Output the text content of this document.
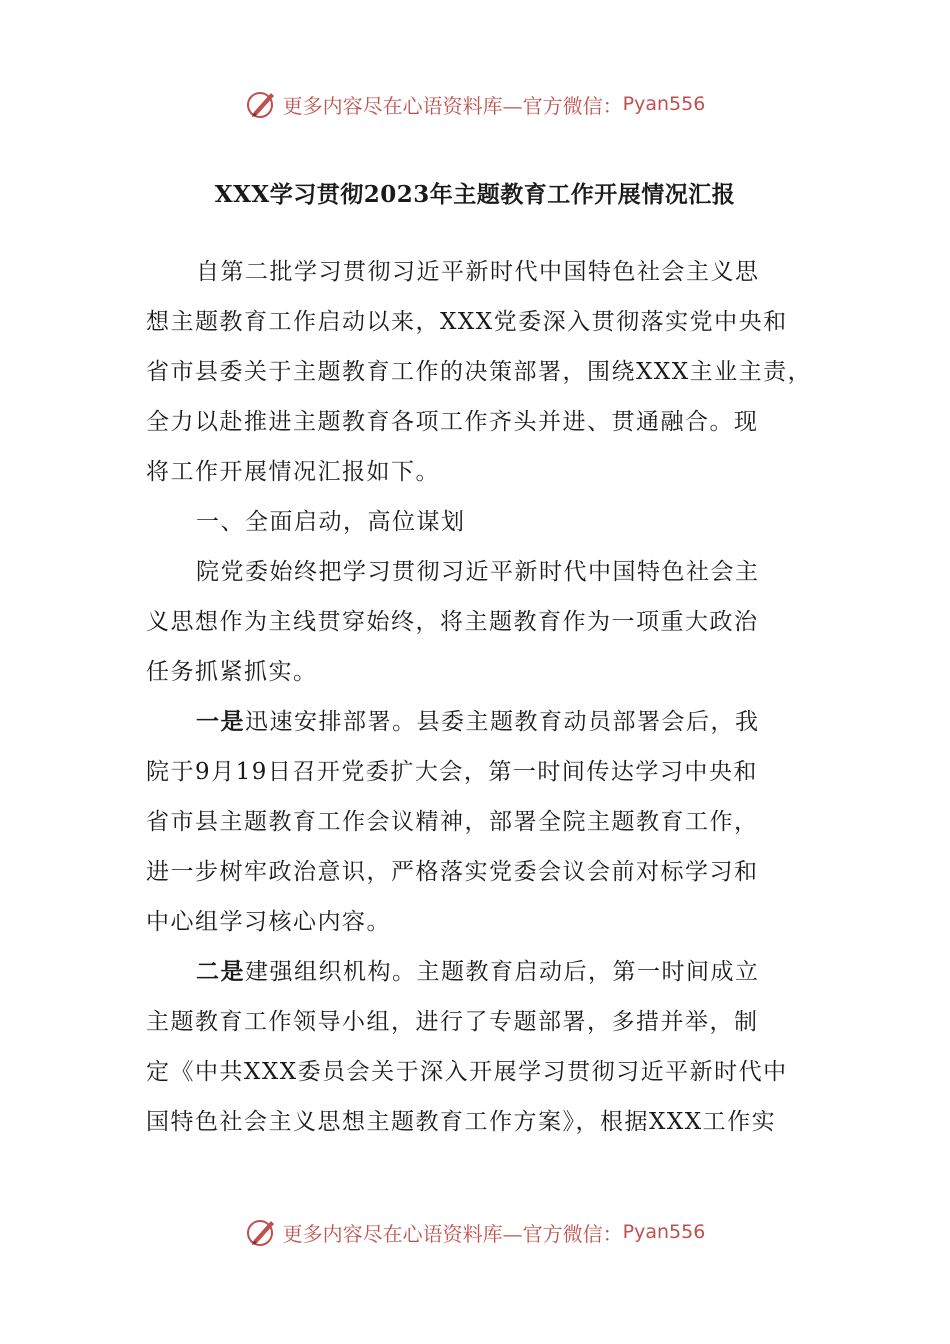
更多内容尽在心语资料库—官方微信： Pyan556
XXX学习贯彻2023年主题教育工作开展情况汇报
自第二批学习贯彻习近平新时代中国特色社会主义思
想主题教育工作启动以来，XXX党委深入贯彻落实党中央和
省市县委关于主题教育工作的决策部署，围绕XXX主业主责，
全力以赴推进主题教育各项工作齐头并进、贯通融合。现
将工作开展情况汇报如下。
一、全面启动，高位谋划
院党委始终把学习贯彻习近平新时代中国特色社会主
义思想作为主线贯穿始终，将主题教育作为一项重大政治
任务抓紧抓实。
一是迅速安排部署。县委主题教育动员部署会后，我
院于9月19日召开党委扩大会，第一时间传达学习中央和
省市县主题教育工作会议精神，部署全院主题教育工作，
进一步树牢政治意识，严格落实党委会议会前对标学习和
中心组学习核心内容。
二是建强组织机构。主题教育启动后，第一时间成立
主题教育工作领导小组，进行了专题部署，多措并举，制
定《中共XXX委员会关于深入开展学习贯彻习近平新时代中
国特色社会主义思想主题教育工作方案》，根据XXX工作实
更多内容尽在心语资料库—官方微信： Pyan556
